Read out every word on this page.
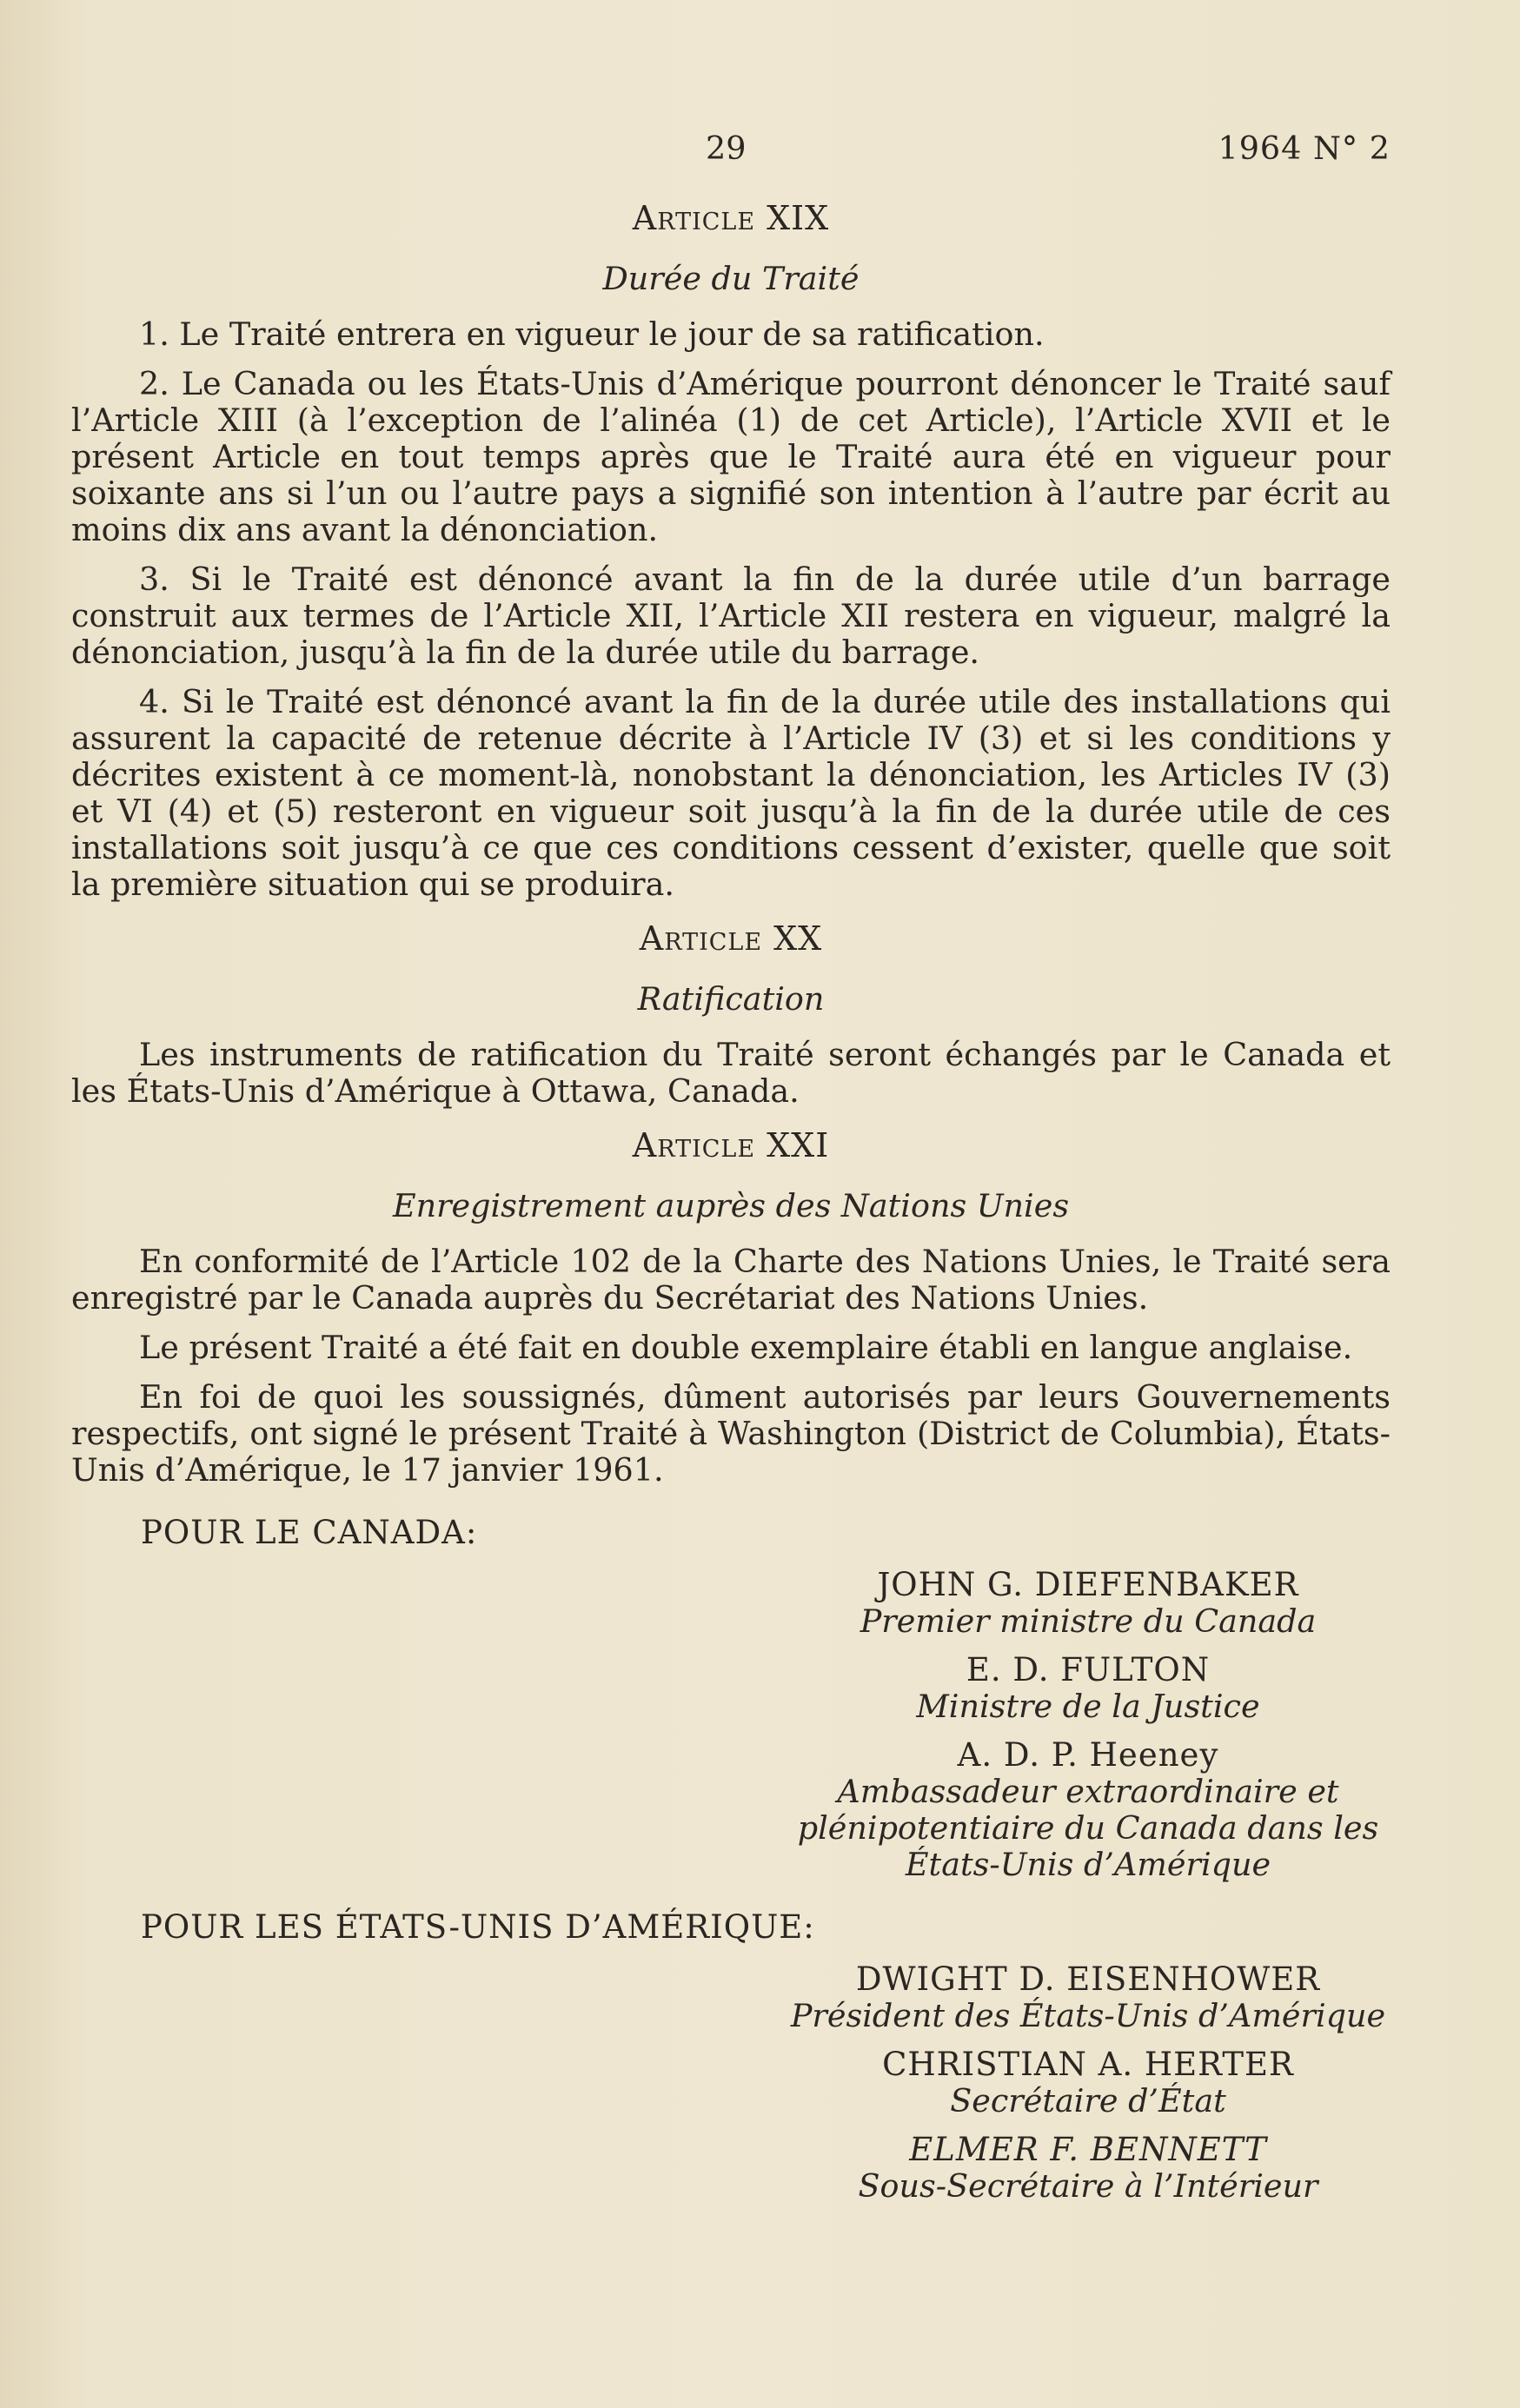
29	1964 N° 2
Article XIX
Durée du Traité

1. Le Traité entrera en vigueur le jour de sa ratification.

2. Le Canada ou les États-Unis d’Amérique pourront dénoncer le Traité sauf l’Article XIII (à l’exception de l’alinéa (1) de cet Article), l’Article XVII et le présent Article en tout temps après que le Traité aura été en vigueur pour soixante ans si l’un ou l’autre pays a signifié son intention à l’autre par écrit au moins dix ans avant la dénonciation.

3. Si le Traité est dénoncé avant la fin de la durée utile d’un barrage construit aux termes de l’Article XII, l’Article XII restera en vigueur, malgré la dénonciation, jusqu’à la fin de la durée utile du barrage.

4. Si le Traité est dénoncé avant la fin de la durée utile des installations qui assurent la capacité de retenue décrite à l’Article IV (3) et si les conditions y décrites existent à ce moment-là, nonobstant la dénonciation, les Articles IV (3) et VI (4) et (5) resteront en vigueur soit jusqu’à la fin de la durée utile de ces installations soit jusqu’à ce que ces conditions cessent d’exister, quelle que soit la première situation qui se produira.

Article XX
Ratification

Les instruments de ratification du Traité seront échangés par le Canada et les États-Unis d’Amérique à Ottawa, Canada.

Article XXI
Enregistrement auprès des Nations Unies

En conformité de l’Article 102 de la Charte des Nations Unies, le Traité sera enregistré par le Canada auprès du Secrétariat des Nations Unies.

Le présent Traité a été fait en double exemplaire établi en langue anglaise.

En foi de quoi les soussignés, dûment autorisés par leurs Gouvernements respectifs, ont signé le présent Traité à Washington (District de Columbia), États-Unis d’Amérique, le 17 janvier 1961.

POUR LE CANADA:
JOHN G. DIEFENBAKER
Premier ministre du Canada
E. D. FULTON
Ministre de la Justice
A. D. P. Heeney
Ambassadeur extraordinaire et plénipotentiaire du Canada dans les États-Unis d’Amérique
POUR LES ÉTATS-UNIS D’AMÉRIQUE:
DWIGHT D. EISENHOWER
Président des États-Unis d’Amérique
CHRISTIAN A. HERTER
Secrétaire d’État
ELMER F. BENNETT
Sous-Secrétaire à l’Intérieur
